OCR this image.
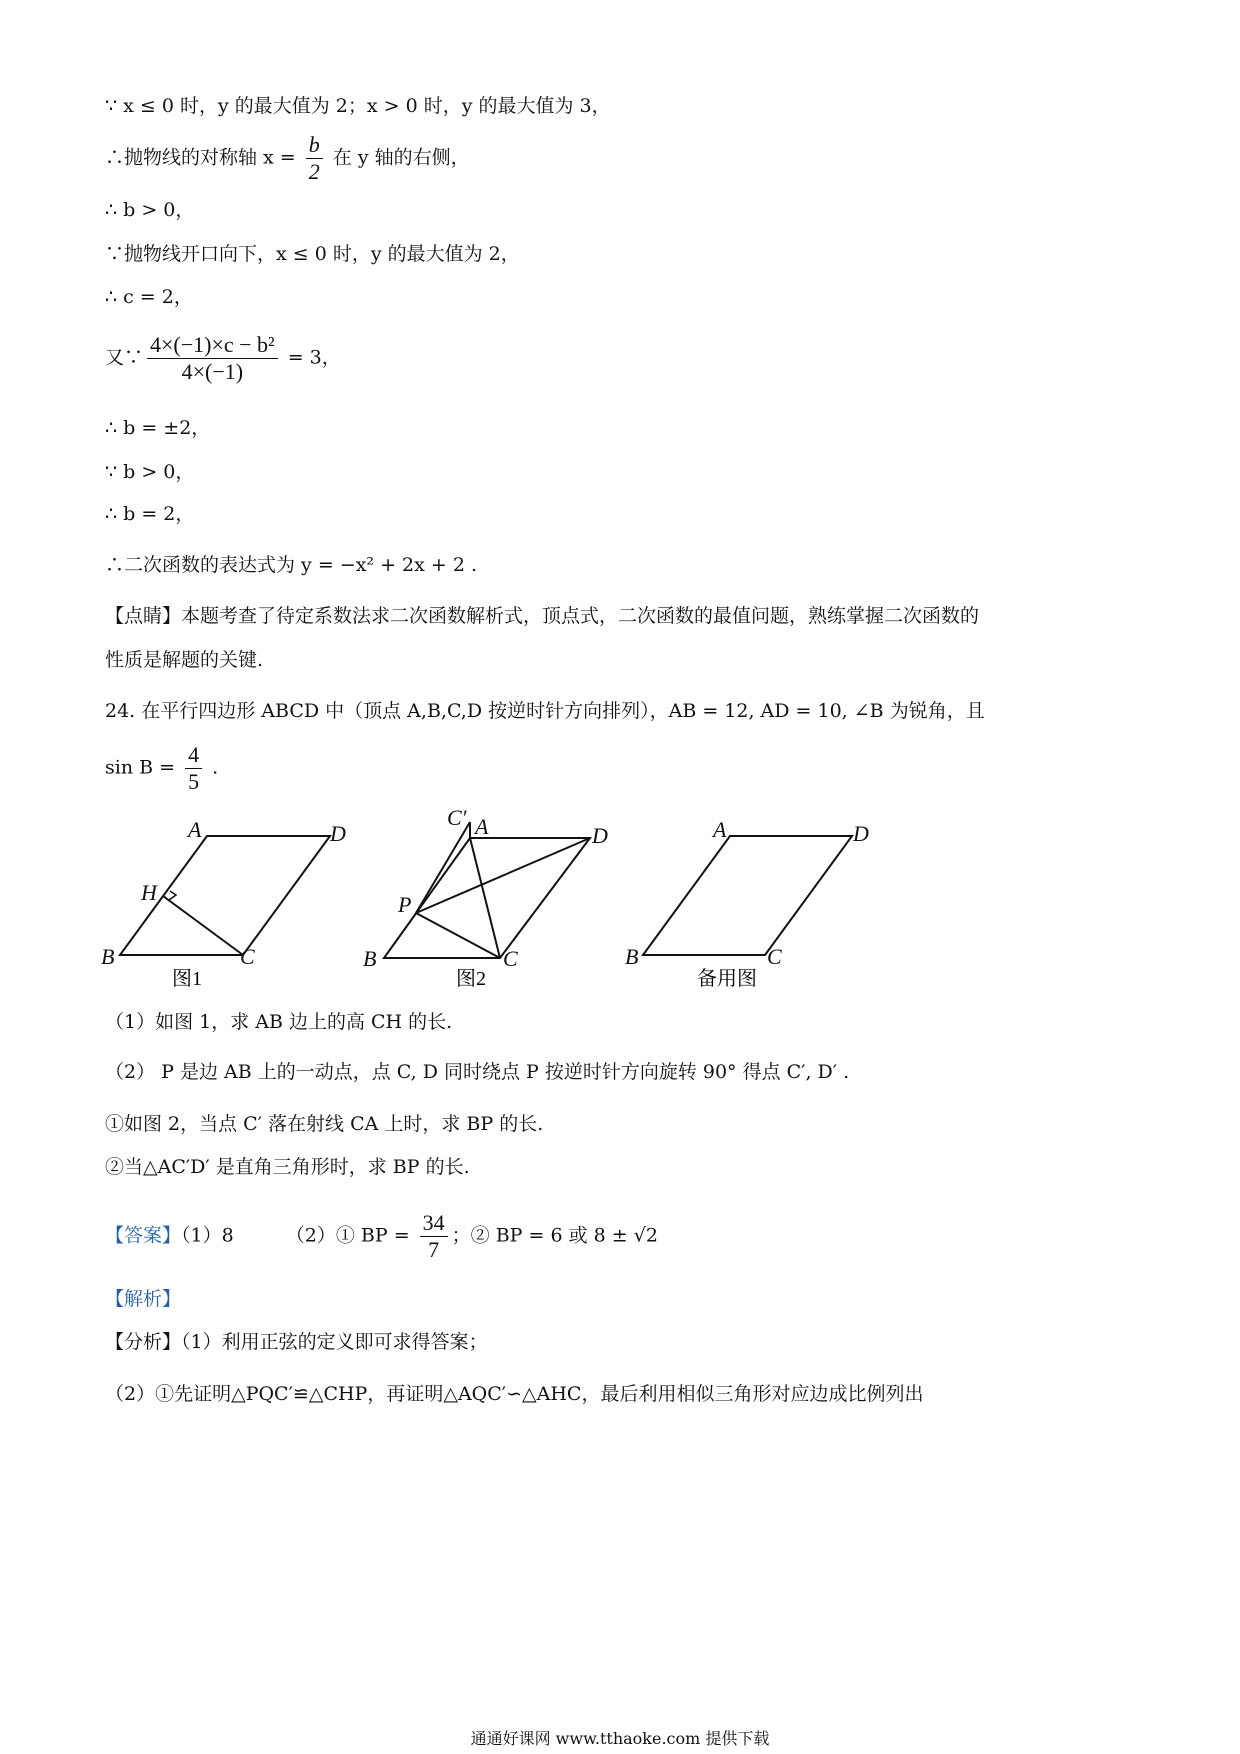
∵ x ≤ 0 时，y 的最大值为 2；x > 0 时，y 的最大值为 3，
∴抛物线的对称轴 $x = \frac{b}{2}$ 在 y 轴的右侧，
∴ b > 0，
∵抛物线开口向下，x ≤ 0 时，y 的最大值为 2，
∴ c = 2，
又∵ $\frac{\text{4×(−1)×c − b²}}{4\times(-1)} = 3$，
∴ b = ±2，
∵ b > 0，
∴ b = 2，
∴二次函数的表达式为 y = −x² + 2x + 2 .
【点睛】本题考查了待定系数法求二次函数解析式，顶点式，二次函数的最值问题，熟练掌握二次函数的
性质是解题的关键.
24. 在平行四边形 ABCD 中（顶点 A,B,C,D 按逆时针方向排列），AB = 12, AD = 10, ∠B 为锐角，且
$\sin B = \frac{4}{5}$ .
A
B	C
D
H
图1
C′ A	D
P
B	C
图2
A
B	C
D
备用图
（1）如图 1，求 AB 边上的高 CH 的长.
（2） P 是边 AB 上的一动点，点 C, D 同时绕点 P 按逆时针方向旋转 90° 得点 C′, D′ .
①如图 2，当点 C′ 落在射线 CA 上时，求 BP 的长.
②当△AC′D′ 是直角三角形时，求 BP 的长.
【答案】（1）8	（2）① BP = $\frac{34}{7}$ ；② BP = 6 或 8 ± √2
【解析】
【分析】（1）利用正弦的定义即可求得答案；
（2）①先证明△PQC′≌△CHP，再证明△AQC′∽△AHC，最后利用相似三角形对应边成比例列出
通通好课网 www.tthaoke.com 提供下载
